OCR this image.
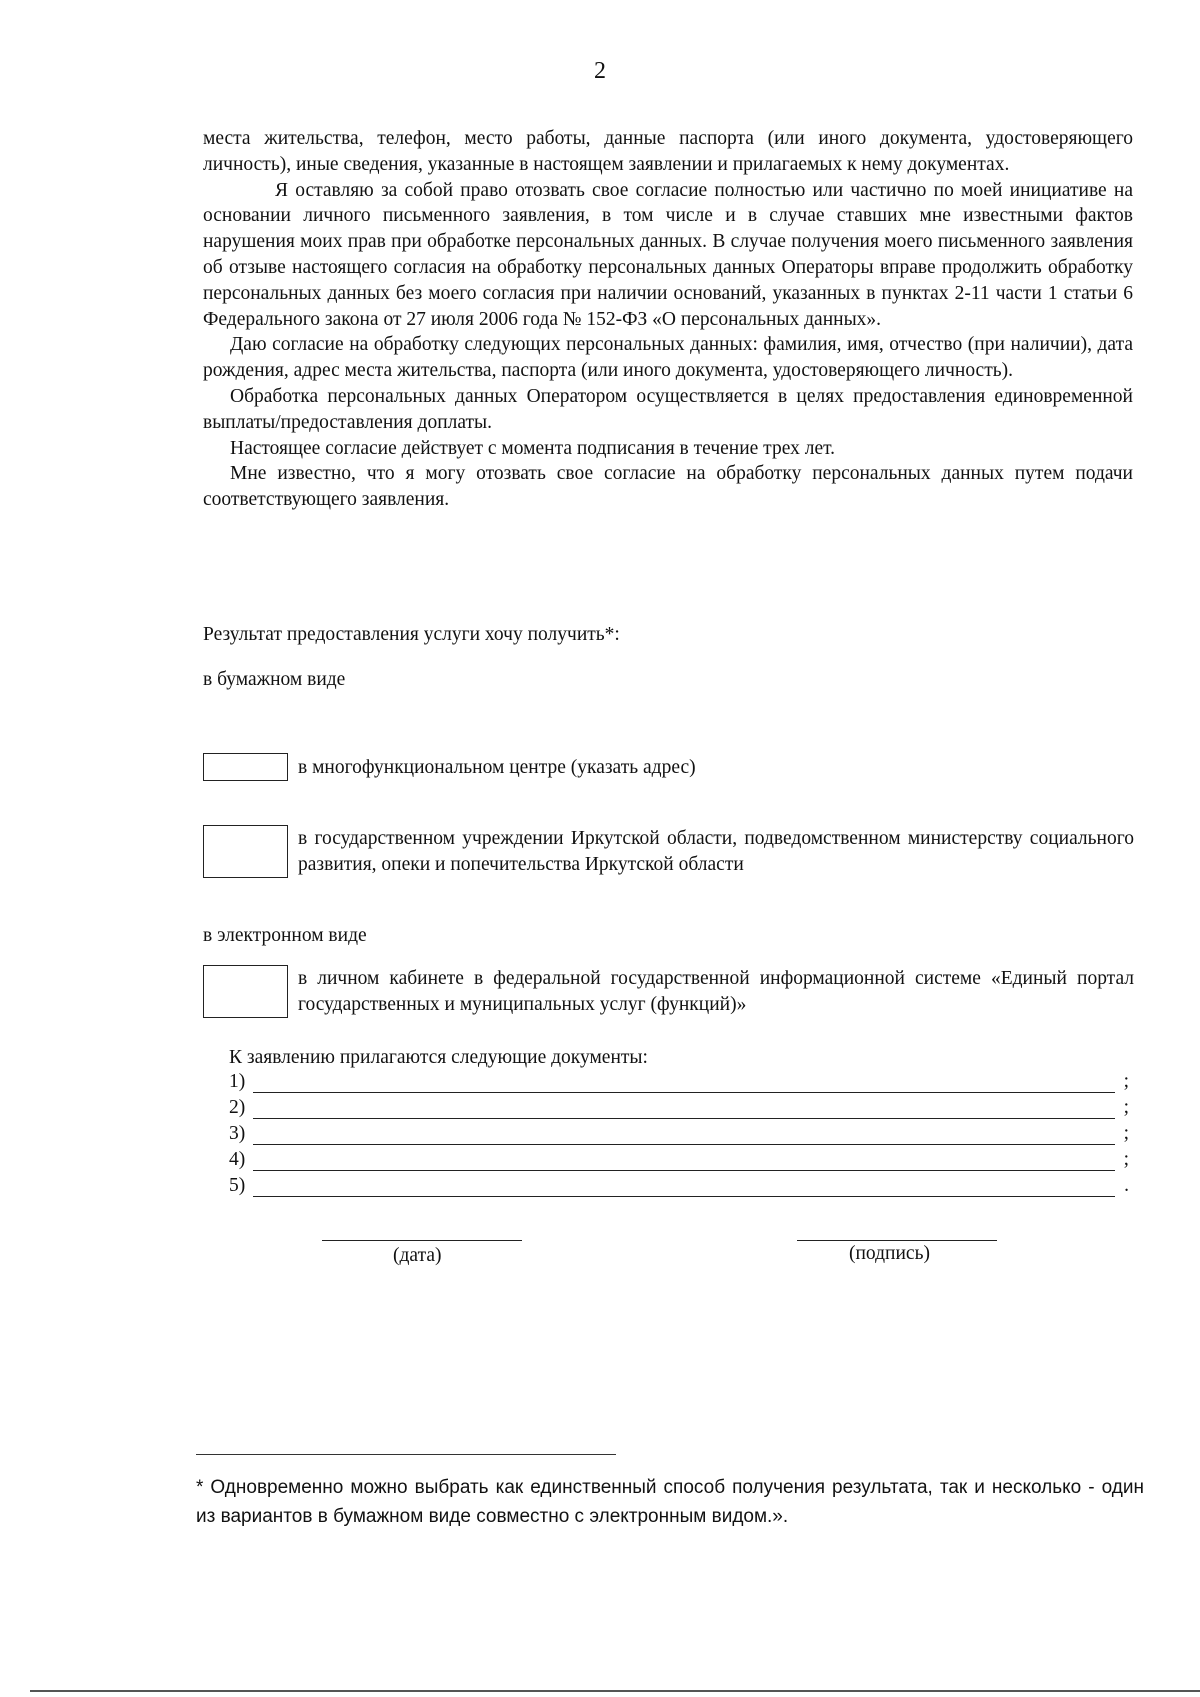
2

места жительства, телефон, место работы, данные паспорта (или иного документа, удостоверяющего личность), иные сведения, указанные в настоящем заявлении и прилагаемых к нему документах.

Я оставляю за собой право отозвать свое согласие полностью или частично по моей инициативе на основании личного письменного заявления, в том числе и в случае ставших мне известными фактов нарушения моих прав при обработке персональных данных. В случае получения моего письменного заявления об отзыве настоящего согласия на обработку персональных данных Операторы вправе продолжить обработку персональных данных без моего согласия при наличии оснований, указанных в пунктах 2-11 части 1 статьи 6 Федерального закона от 27 июля 2006 года № 152-ФЗ «О персональных данных».

Даю согласие на обработку следующих персональных данных: фамилия, имя, отчество (при наличии), дата рождения, адрес места жительства, паспорта (или иного документа, удостоверяющего личность).

Обработка персональных данных Оператором осуществляется в целях предоставления единовременной выплаты/предоставления доплаты.

Настоящее согласие действует с момента подписания в течение трех лет.

Мне известно, что я могу отозвать свое согласие на обработку персональных данных путем подачи соответствующего заявления.

Результат предоставления услуги хочу получить*:
в бумажном виде
в многофункциональном центре (указать адрес)
в государственном учреждении Иркутской области, подведомственном министерству социального развития, опеки и попечительства Иркутской области
в электронном виде
в личном кабинете в федеральной государственной информационной системе «Единый портал государственных и муниципальных услуг (функций)»
К заявлению прилагаются следующие документы:
1)	;
2)	;
3)	;
4)	;
5)	.
(дата)	(подпись)
* Одновременно можно выбрать как единственный способ получения результата, так и несколько - один из вариантов в бумажном виде совместно с электронным видом.».
